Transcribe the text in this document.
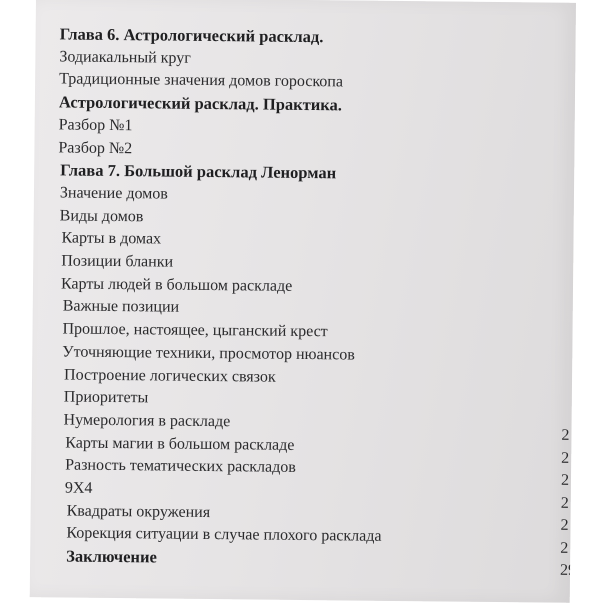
Глава 6. Астрологический расклад.
Зодиакальный круг
Традиционные значения домов гороскопа
Астрологический расклад. Практика.
Разбор №1
Разбор №2
Глава 7. Большой расклад Ленорман
Значение домов
Виды домов
Карты в домах
Позиции бланки
Карты людей в большом раскладе
Важные позиции
Прошлое, настоящее, цыганский крест
Уточняющие техники, просмотор нюансов
Построение логических связок
Приоритеты
Нумерология в раскладе
Карты магии в большом раскладе
Разность тематических раскладов
9Х4
Квадраты окружения
Корекция ситуации в случае плохого расклада
Заключение
2
2
2
2
2
2
29
